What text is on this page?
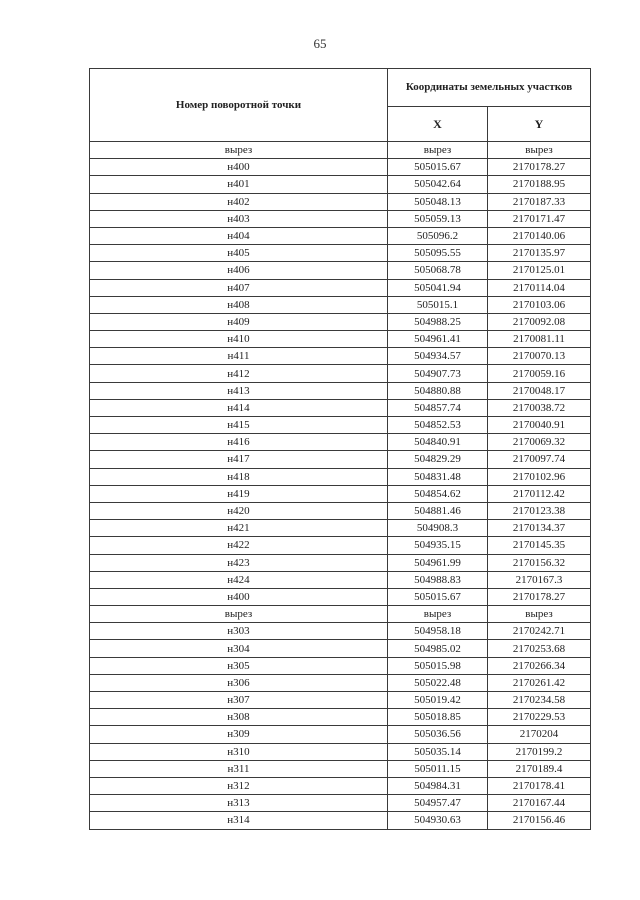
65
Номер поворотной точки	Координаты земельных участков	
	X	Y
вырез	вырез	вырез
н400	505015.67	2170178.27
н401	505042.64	2170188.95
н402	505048.13	2170187.33
н403	505059.13	2170171.47
н404	505096.2	2170140.06
н405	505095.55	2170135.97
н406	505068.78	2170125.01
н407	505041.94	2170114.04
н408	505015.1	2170103.06
н409	504988.25	2170092.08
н410	504961.41	2170081.11
н411	504934.57	2170070.13
н412	504907.73	2170059.16
н413	504880.88	2170048.17
н414	504857.74	2170038.72
н415	504852.53	2170040.91
н416	504840.91	2170069.32
н417	504829.29	2170097.74
н418	504831.48	2170102.96
н419	504854.62	2170112.42
н420	504881.46	2170123.38
н421	504908.3	2170134.37
н422	504935.15	2170145.35
н423	504961.99	2170156.32
н424	504988.83	2170167.3
н400	505015.67	2170178.27
вырез	вырез	вырез
н303	504958.18	2170242.71
н304	504985.02	2170253.68
н305	505015.98	2170266.34
н306	505022.48	2170261.42
н307	505019.42	2170234.58
н308	505018.85	2170229.53
н309	505036.56	2170204
н310	505035.14	2170199.2
н311	505011.15	2170189.4
н312	504984.31	2170178.41
н313	504957.47	2170167.44
н314	504930.63	2170156.46
